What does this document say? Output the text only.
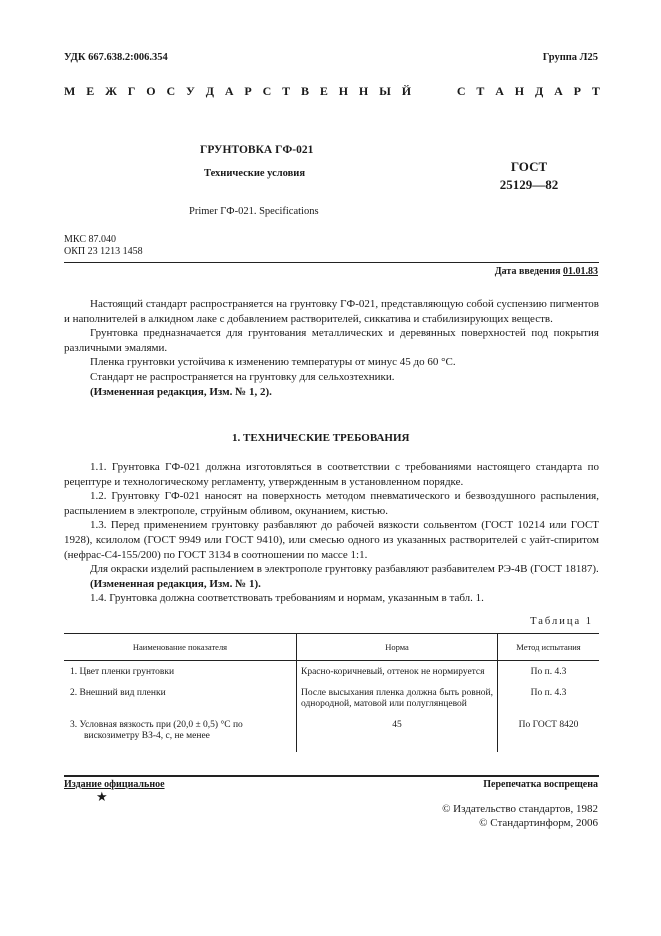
УДК 667.638.2:006.354	Группа Л25
М Е Ж Г О С У Д А Р С Т В Е Н Н Ы Й	С Т А Н Д А Р Т
ГРУНТОВКА ГФ-021
Технические условия
Primer ГФ-021. Specifications
ГОСТ
25129—82
МКС 87.040
ОКП 23 1213 1458
Дата введения 01.01.83

Настоящий стандарт распространяется на грунтовку ГФ-021, представляющую собой суспензию пигментов и наполнителей в алкидном лаке с добавлением растворителей, сиккатива и стабилизирующих веществ.

Грунтовка предназначается для грунтования металлических и деревянных поверхностей под покрытия различными эмалями.

Пленка грунтовки устойчива к изменению температуры от минус 45 до 60 °С.

Стандарт не распространяется на грунтовку для сельхозтехники.

(Измененная редакция, Изм. № 1, 2).

1. ТЕХНИЧЕСКИЕ ТРЕБОВАНИЯ

1.1. Грунтовка ГФ-021 должна изготовляться в соответствии с требованиями настоящего стандарта по рецептуре и технологическому регламенту, утвержденным в установленном порядке.

1.2. Грунтовку ГФ-021 наносят на поверхность методом пневматического и безвоздушного распыления, распылением в электрополе, струйным обливом, окунанием, кистью.

1.3. Перед применением грунтовку разбавляют до рабочей вязкости сольвентом (ГОСТ 10214 или ГОСТ 1928), ксилолом (ГОСТ 9949 или ГОСТ 9410), или смесью одного из указанных растворителей с уайт-спиритом (нефрас-С4-155/200) по ГОСТ 3134 в соотношении по массе 1:1.

Для окраски изделий распылением в электрополе грунтовку разбавляют разбавителем РЭ-4В (ГОСТ 18187).

(Измененная редакция, Изм. № 1).

1.4. Грунтовка должна соответствовать требованиям и нормам, указанным в табл. 1.

Таблица 1
Наименование показателя	Норма	Метод испытания

1. Цвет пленки грунтовки	Красно-коричневый, оттенок не нормируется	По п. 4.3

2. Внешний вид пленки	После высыхания пленка должна быть ровной, однородной, матовой или полуглянцевой	По п. 4.3

3. Условная вязкость при (20,0 ± 0,5) °С по вискозиметру ВЗ-4, с, не менее	45	По ГОСТ 8420
Издание официальное	Перепечатка воспрещена
★
© Издательство стандартов, 1982
© Стандартинформ, 2006
